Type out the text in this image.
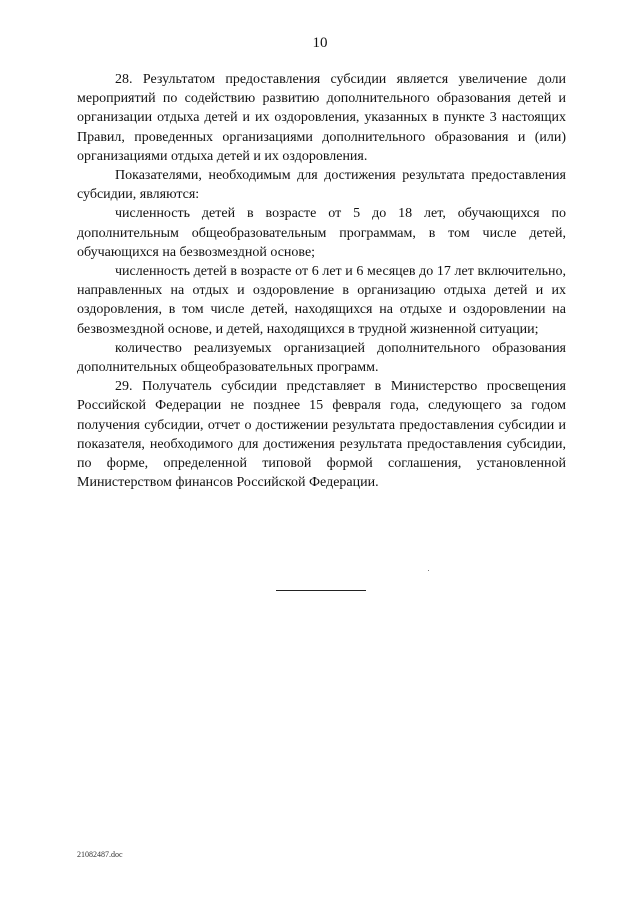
10

28. Результатом предоставления субсидии является увеличение доли мероприятий по содействию развитию дополнительного образования детей и организации отдыха детей и их оздоровления, указанных в пункте 3 настоящих Правил, проведенных организациями дополнительного образования и (или) организациями отдыха детей и их оздоровления.

Показателями, необходимым для достижения результата предоставления субсидии, являются:

численность детей в возрасте от 5 до 18 лет, обучающихся по дополнительным общеобразовательным программам, в том числе детей, обучающихся на безвозмездной основе;

численность детей в возрасте от 6 лет и 6 месяцев до 17 лет включительно, направленных на отдых и оздоровление в организацию отдыха детей и их оздоровления, в том числе детей, находящихся на отдыхе и оздоровлении на безвозмездной основе, и детей, находящихся в трудной жизненной ситуации;

количество реализуемых организацией дополнительного образования дополнительных общеобразовательных программ.

29. Получатель субсидии представляет в Министерство просвещения Российской Федерации не позднее 15 февраля года, следующего за годом получения субсидии, отчет о достижении результата предоставления субсидии и показателя, необходимого для достижения результата предоставления субсидии, по форме, определенной типовой формой соглашения, установленной Министерством финансов Российской Федерации.

21082487.doc
